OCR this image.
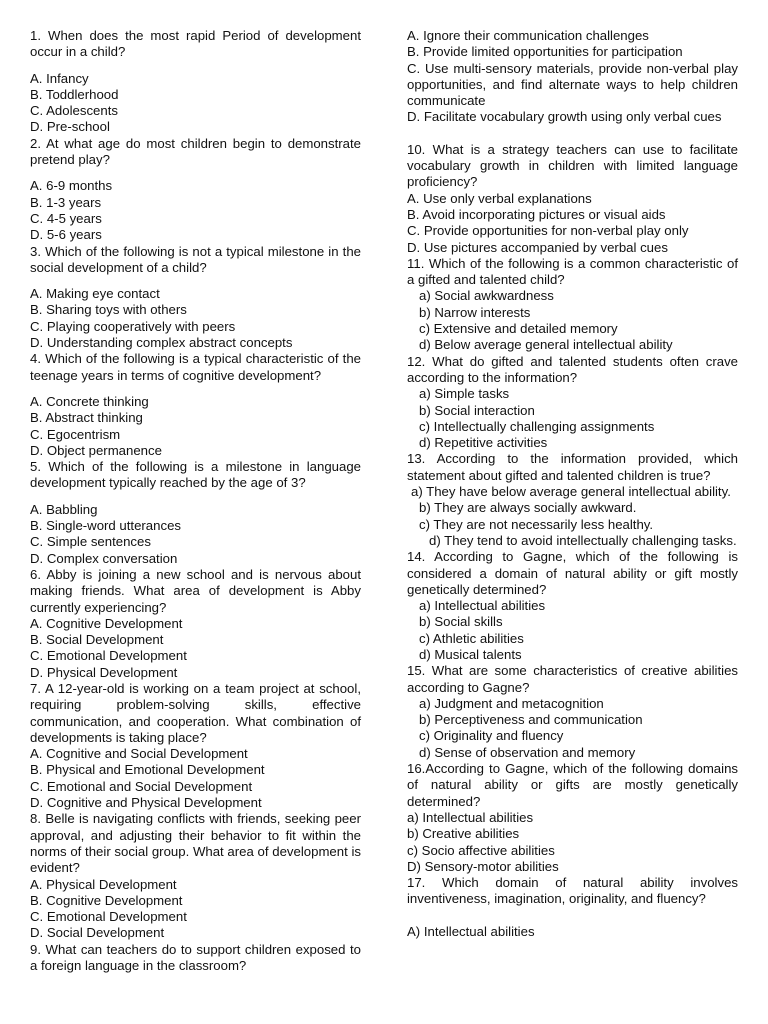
1. When does the most rapid Period of development occur in a child?

A. Infancy
B. Toddlerhood
C. Adolescents
D. Pre-school

2. At what age do most children begin to demonstrate pretend play?

A. 6-9 months
B. 1-3 years
C. 4-5 years
D. 5-6 years

3. Which of the following is not a typical milestone in the social development of a child?

A. Making eye contact
B. Sharing toys with others
C. Playing cooperatively with peers
D. Understanding complex abstract concepts

4. Which of the following is a typical characteristic of the teenage years in terms of cognitive development?

A. Concrete thinking
B. Abstract thinking
C. Egocentrism
D. Object permanence

5. Which of the following is a milestone in language development typically reached by the age of 3?

A. Babbling
B. Single-word utterances
C. Simple sentences
D. Complex conversation

6. Abby is joining a new school and is nervous about making friends. What area of development is Abby currently experiencing?

A. Cognitive Development
B. Social Development
C. Emotional Development
D. Physical Development

7. A 12-year-old is working on a team project at school, requiring problem-solving skills, effective communication, and cooperation. What combination of developments is taking place?

A. Cognitive and Social Development
B. Physical and Emotional Development
C. Emotional and Social Development
D. Cognitive and Physical Development

8. Belle is navigating conflicts with friends, seeking peer approval, and adjusting their behavior to fit within the norms of their social group. What area of development is evident?

A. Physical Development
B. Cognitive Development
C. Emotional Development
D. Social Development

9. What can teachers do to support children exposed to a foreign language in the classroom?

A. Ignore their communication challenges
B. Provide limited opportunities for participation
C. Use multi-sensory materials, provide non-verbal play opportunities, and find alternate ways to help children communicate
D. Facilitate vocabulary growth using only verbal cues

10. What is a strategy teachers can use to facilitate vocabulary growth in children with limited language proficiency?

A. Use only verbal explanations
B. Avoid incorporating pictures or visual aids
C. Provide opportunities for non-verbal play only
D. Use pictures accompanied by verbal cues

11. Which of the following is a common characteristic of a gifted and talented child?

a) Social awkwardness
b) Narrow interests
c) Extensive and detailed memory
d) Below average general intellectual ability

12. What do gifted and talented students often crave according to the information?

a) Simple tasks
b) Social interaction
c) Intellectually challenging assignments
d) Repetitive activities

13. According to the information provided, which statement about gifted and talented children is true?

a) They have below average general intellectual ability.
b) They are always socially awkward.
c) They are not necessarily less healthy.
d) They tend to avoid intellectually challenging tasks.

14. According to Gagne, which of the following is considered a domain of natural ability or gift mostly genetically determined?

a) Intellectual abilities
b) Social skills
c) Athletic abilities
d) Musical talents

15. What are some characteristics of creative abilities according to Gagne?

a) Judgment and metacognition
b) Perceptiveness and communication
c) Originality and fluency
d) Sense of observation and memory

16.According to Gagne, which of the following domains of natural ability or gifts are mostly genetically determined?

a) Intellectual abilities
b) Creative abilities
c) Socio affective abilities
D) Sensory-motor abilities

17. Which domain of natural ability involves inventiveness, imagination, originality, and fluency?

A) Intellectual abilities
